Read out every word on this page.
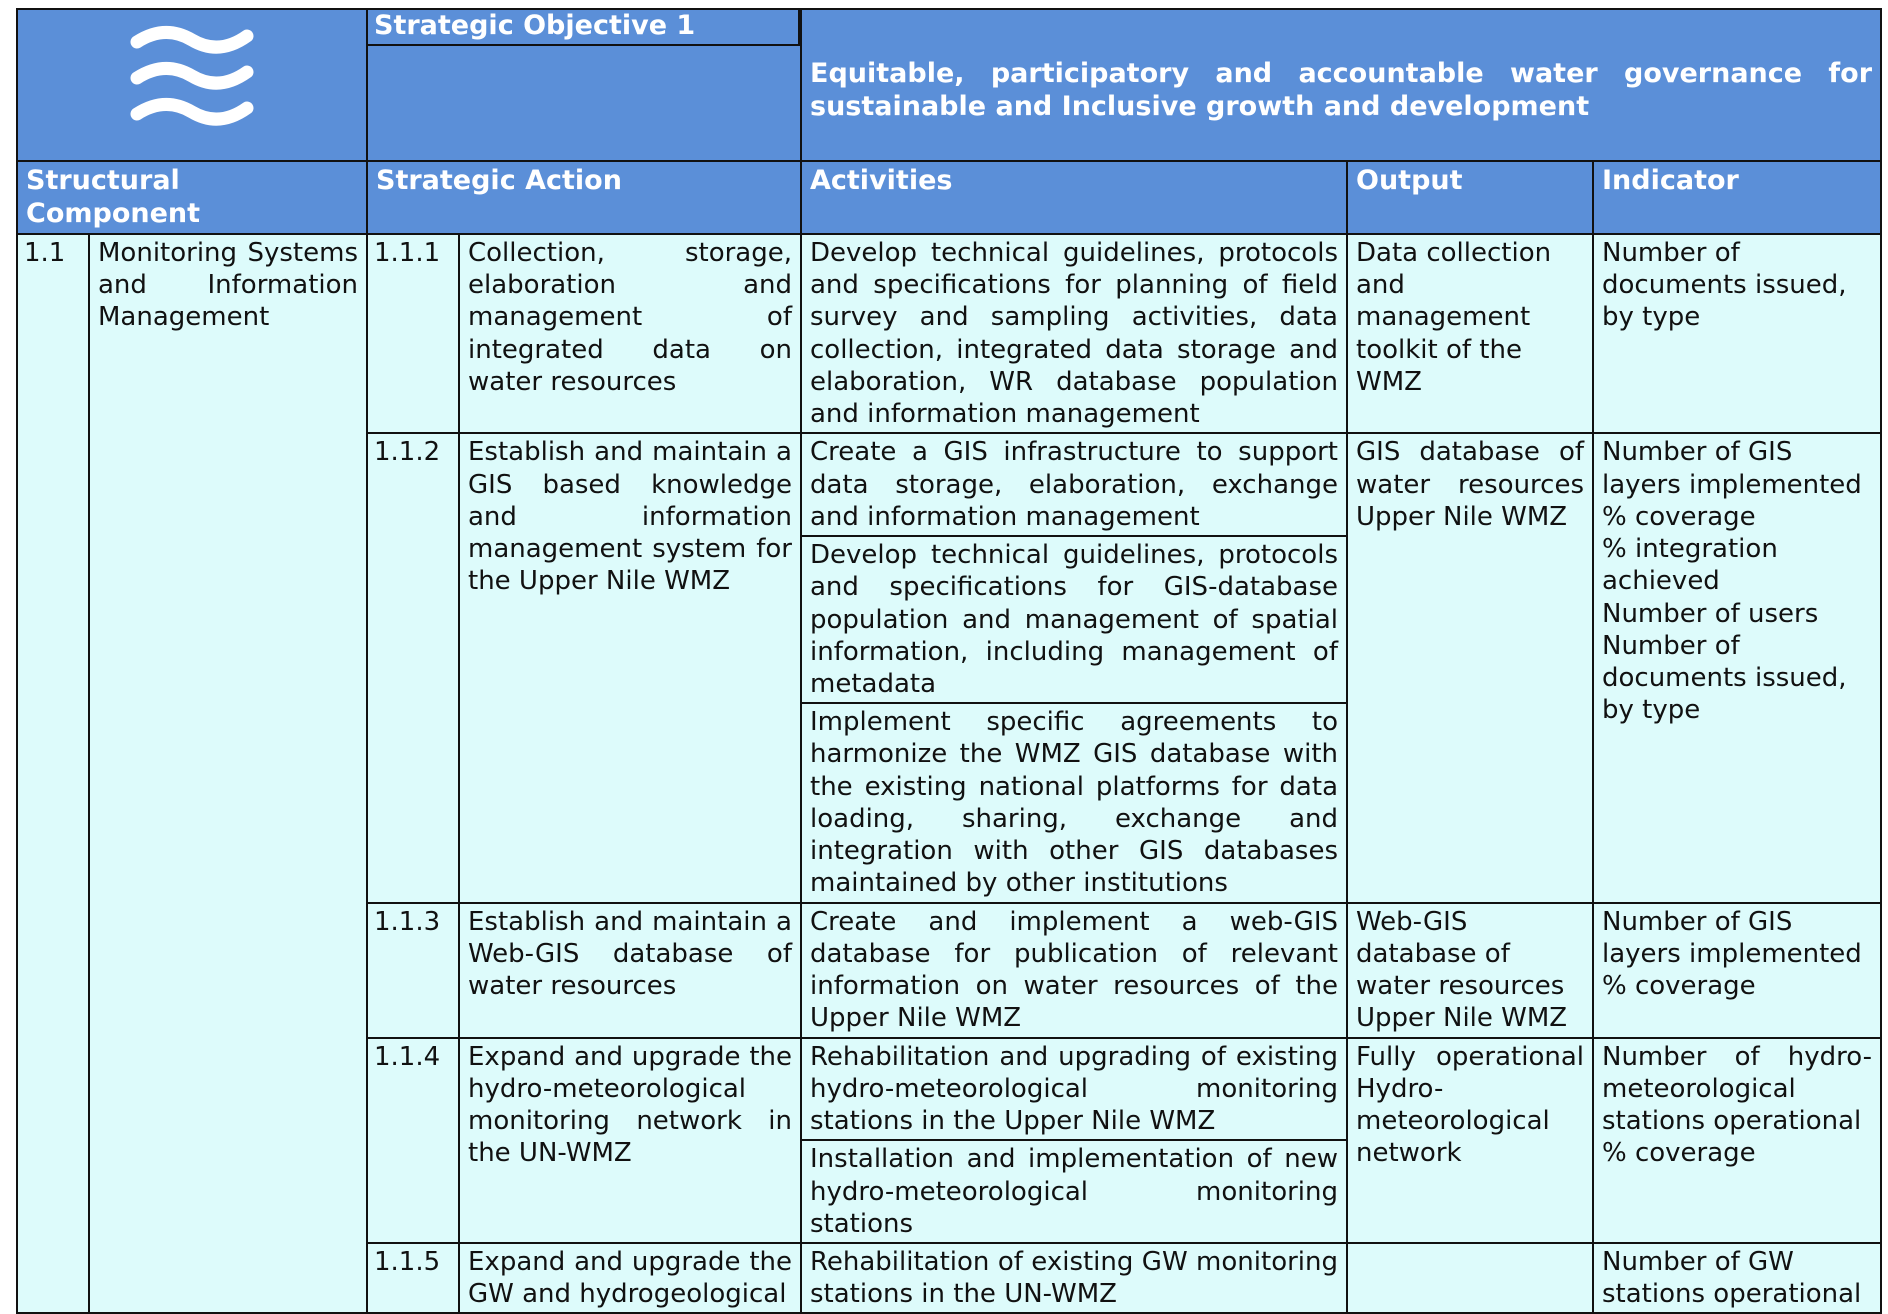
Strategic Objective 1		Equitable, participatory and accountable water governance for sustainable and Inclusive growth and development		

Structural Component		Strategic Action		Activities	Output	Indicator
1.1	Monitoring Systems and Information Management	1.1.1	Collection, storage, elaboration and management of integrated data on water resources	Develop technical guidelines, protocols and specifications for planning of field survey and sampling activities, data collection, integrated data storage and elaboration, WR database population and information management	Data collection and management toolkit of the WMZ	Number of documents issued, by type
		1.1.2	Establish and maintain a GIS based knowledge and information management system for the Upper Nile WMZ	Create a GIS infrastructure to support data storage, elaboration, exchange and information management	GIS database of water resources Upper Nile WMZ	Number of GIS layers implemented
% coverage
% integration achieved
Number of users
Number of documents issued, by type
				Develop technical guidelines, protocols and specifications for GIS-database population and management of spatial information, including management of metadata		
				Implement specific agreements to harmonize the WMZ GIS database with the existing national platforms for data loading, sharing, exchange and integration with other GIS databases maintained by other institutions		
		1.1.3	Establish and maintain a Web-GIS database of water resources	Create and implement a web-GIS database for publication of relevant information on water resources of the Upper Nile WMZ	Web-GIS database of water resources Upper Nile WMZ	Number of GIS layers implemented
% coverage
		1.1.4	Expand and upgrade the hydro-meteorological monitoring network in the UN-WMZ	Rehabilitation and upgrading of existing hydro-meteorological monitoring stations in the Upper Nile WMZ	Fully operational Hydro-meteorological network	Number of hydro-meteorological stations operational
% coverage
				Installation and implementation of new hydro-meteorological monitoring stations		
		1.1.5	Expand and upgrade the GW and hydrogeological	Rehabilitation of existing GW monitoring stations in the UN-WMZ		Number of GW stations operational
